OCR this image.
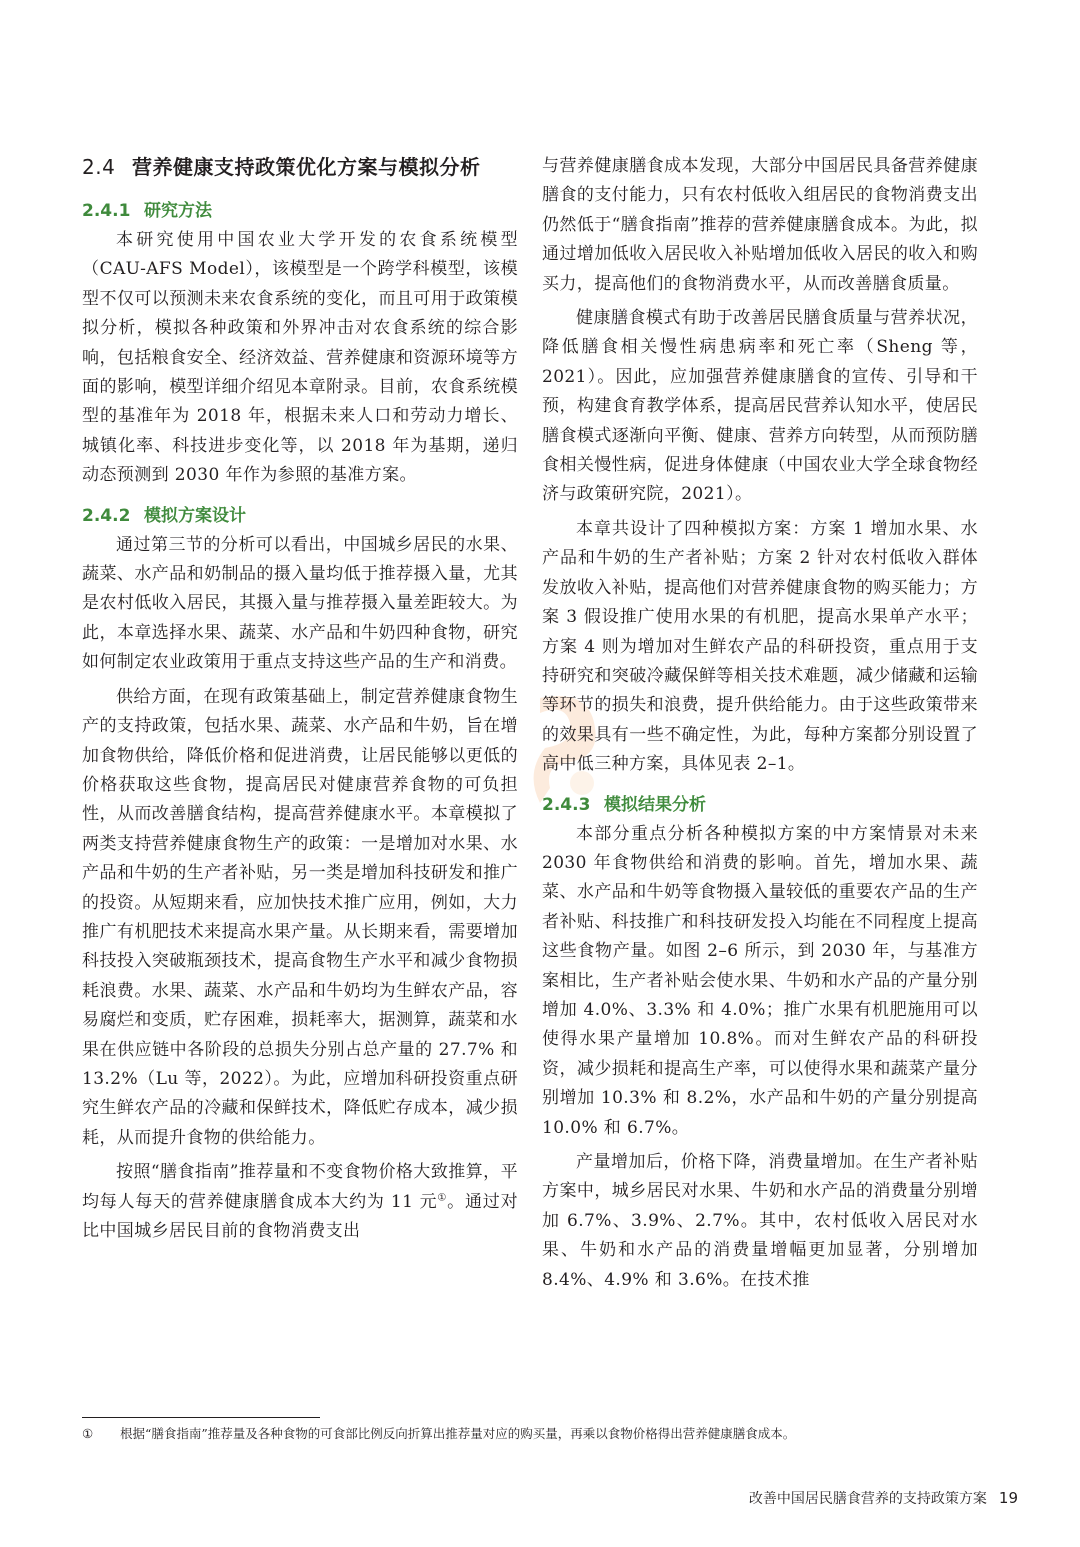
2.4 营养健康支持政策优化方案与模拟分析
2.4.1 研究方法

本研究使用中国农业大学开发的农食系统模型（CAU-AFS Model），该模型是一个跨学科模型，该模型不仅可以预测未来农食系统的变化，而且可用于政策模拟分析，模拟各种政策和外界冲击对农食系统的综合影响，包括粮食安全、经济效益、营养健康和资源环境等方面的影响，模型详细介绍见本章附录。目前，农食系统模型的基准年为 2018 年，根据未来人口和劳动力增长、城镇化率、科技进步变化等，以 2018 年为基期，递归动态预测到 2030 年作为参照的基准方案。

2.4.2 模拟方案设计

通过第三节的分析可以看出，中国城乡居民的水果、蔬菜、水产品和奶制品的摄入量均低于推荐摄入量，尤其是农村低收入居民，其摄入量与推荐摄入量差距较大。为此，本章选择水果、蔬菜、水产品和牛奶四种食物，研究如何制定农业政策用于重点支持这些产品的生产和消费。

供给方面，在现有政策基础上，制定营养健康食物生产的支持政策，包括水果、蔬菜、水产品和牛奶，旨在增加食物供给，降低价格和促进消费，让居民能够以更低的价格获取这些食物，提高居民对健康营养食物的可负担性，从而改善膳食结构，提高营养健康水平。本章模拟了两类支持营养健康食物生产的政策：一是增加对水果、水产品和牛奶的生产者补贴，另一类是增加科技研发和推广的投资。从短期来看，应加快技术推广应用，例如，大力推广有机肥技术来提高水果产量。从长期来看，需要增加科技投入突破瓶颈技术，提高食物生产水平和减少食物损耗浪费。水果、蔬菜、水产品和牛奶均为生鲜农产品，容易腐烂和变质，贮存困难，损耗率大，据测算，蔬菜和水果在供应链中各阶段的总损失分别占总产量的 27.7% 和 13.2%（Lu 等，2022）。为此，应增加科研投资重点研究生鲜农产品的冷藏和保鲜技术，降低贮存成本，减少损耗，从而提升食物的供给能力。

按照“膳食指南”推荐量和不变食物价格大致推算，平均每人每天的营养健康膳食成本大约为 11 元①。通过对比中国城乡居民目前的食物消费支出

与营养健康膳食成本发现，大部分中国居民具备营养健康膳食的支付能力，只有农村低收入组居民的食物消费支出仍然低于“膳食指南”推荐的营养健康膳食成本。为此，拟通过增加低收入居民收入补贴增加低收入居民的收入和购买力，提高他们的食物消费水平，从而改善膳食质量。

健康膳食模式有助于改善居民膳食质量与营养状况，降低膳食相关慢性病患病率和死亡率（Sheng 等，2021）。因此，应加强营养健康膳食的宣传、引导和干预，构建食育教学体系，提高居民营养认知水平，使居民膳食模式逐渐向平衡、健康、营养方向转型，从而预防膳食相关慢性病，促进身体健康（中国农业大学全球食物经济与政策研究院，2021）。

本章共设计了四种模拟方案：方案 1 增加水果、水产品和牛奶的生产者补贴；方案 2 针对农村低收入群体发放收入补贴，提高他们对营养健康食物的购买能力；方案 3 假设推广使用水果的有机肥，提高水果单产水平；方案 4 则为增加对生鲜农产品的科研投资，重点用于支持研究和突破冷藏保鲜等相关技术难题，减少储藏和运输等环节的损失和浪费，提升供给能力。由于这些政策带来的效果具有一些不确定性，为此，每种方案都分别设置了高中低三种方案，具体见表 2–1。

2.4.3 模拟结果分析

本部分重点分析各种模拟方案的中方案情景对未来 2030 年食物供给和消费的影响。首先，增加水果、蔬菜、水产品和牛奶等食物摄入量较低的重要农产品的生产者补贴、科技推广和科技研发投入均能在不同程度上提高这些食物产量。如图 2–6 所示，到 2030 年，与基准方案相比，生产者补贴会使水果、牛奶和水产品的产量分别增加 4.0%、3.3% 和 4.0%；推广水果有机肥施用可以使得水果产量增加 10.8%。而对生鲜农产品的科研投资，减少损耗和提高生产率，可以使得水果和蔬菜产量分别增加 10.3% 和 8.2%，水产品和牛奶的产量分别提高 10.0% 和 6.7%。

产量增加后，价格下降，消费量增加。在生产者补贴方案中，城乡居民对水果、牛奶和水产品的消费量分别增加 6.7%、3.9%、2.7%。其中，农村低收入居民对水果、牛奶和水产品的消费量增幅更加显著，分别增加 8.4%、4.9% 和 3.6%。在技术推

① 根据“膳食指南”推荐量及各种食物的可食部比例反向折算出推荐量对应的购买量，再乘以食物价格得出营养健康膳食成本。
改善中国居民膳食营养的支持政策方案 19
